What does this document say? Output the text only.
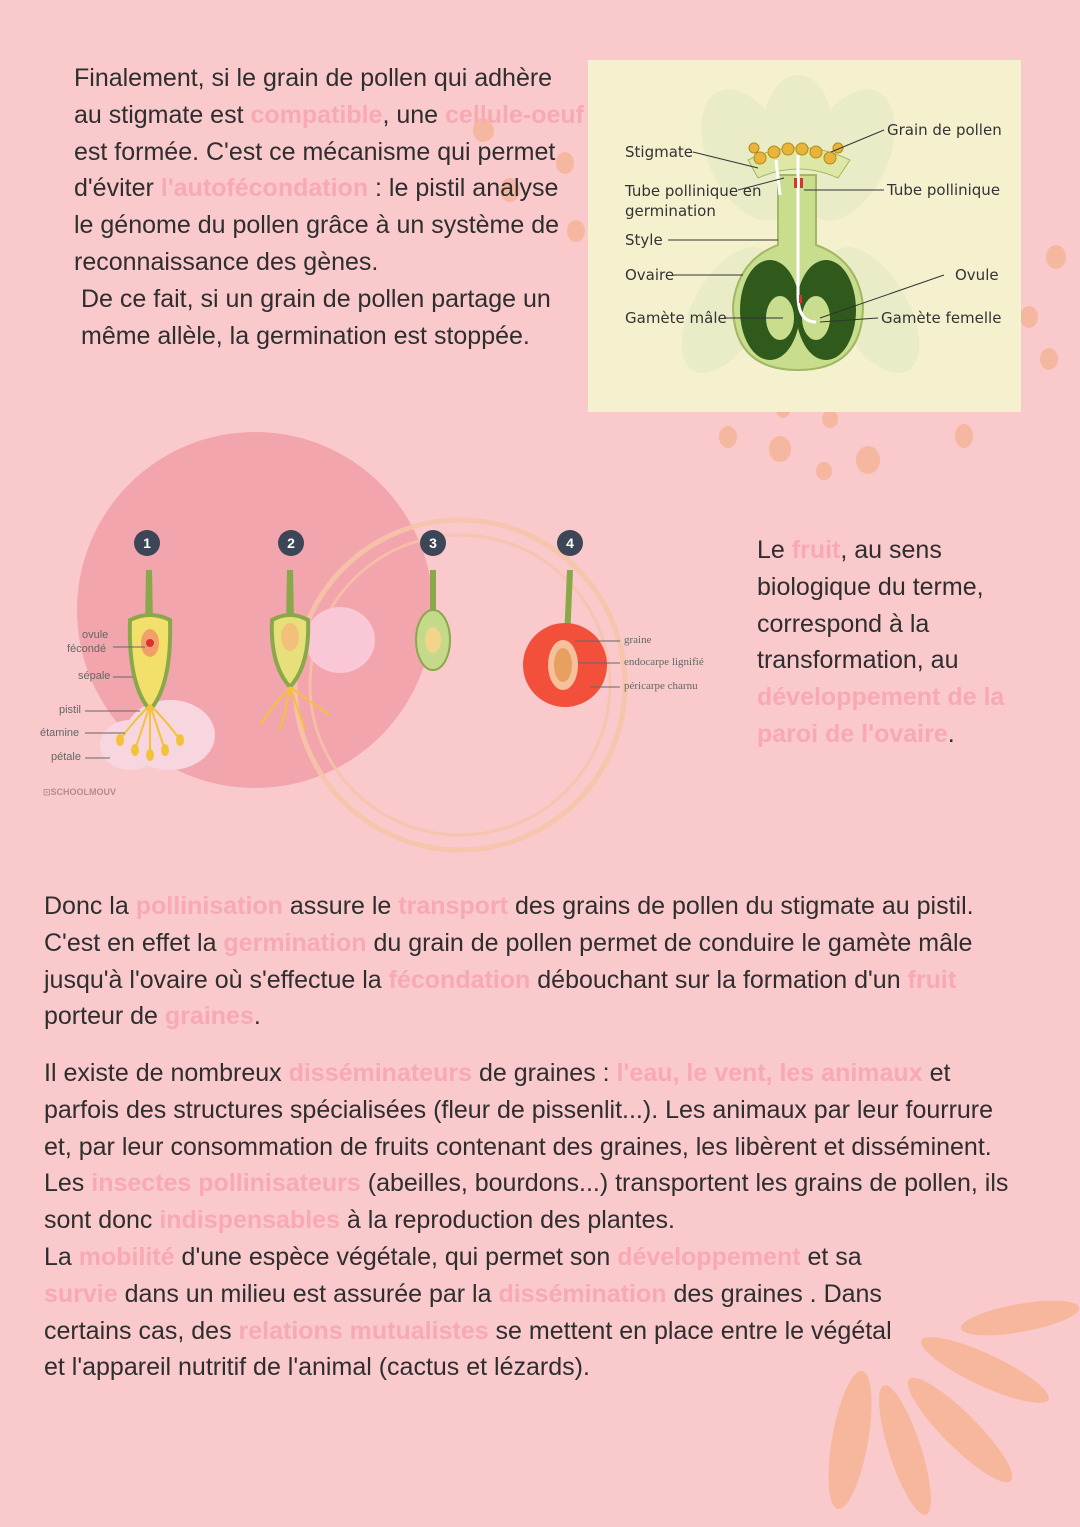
Finalement, si le grain de pollen qui adhère au stigmate est compatible, une cellule-oeuf est formée. C'est ce mécanisme qui permet d'éviter l'autofécondation : le pistil analyse le génome du pollen grâce à un système de reconnaissance des gènes.

De ce fait, si un grain de pollen partage un même allèle, la germination est stoppée.

Stigmate
Tube pollinique en germination
Style
Ovaire
Gamète mâle
Grain de pollen
Tube pollinique
Ovule
Gamète femelle
1	2	3	4
ovule
fécondé
sépale
pistil
étamine
pétale
graine
endocarpe lignifié
péricarpe charnu
⊡SCHOOLMOUV

Le fruit, au sens biologique du terme, correspond à la transformation, au développement de la paroi de l'ovaire.

Donc la pollinisation assure le transport des grains de pollen du stigmate au pistil. C'est en effet la germination du grain de pollen permet de conduire le gamète mâle jusqu'à l'ovaire où s'effectue la fécondation débouchant sur la formation d'un fruit porteur de graines.

Il existe de nombreux disséminateurs de graines : l'eau, le vent, les animaux et parfois des structures spécialisées (fleur de pissenlit...). Les animaux par leur fourrure et, par leur consommation de fruits contenant des graines, les libèrent et disséminent. Les insectes pollinisateurs (abeilles, bourdons...) transportent les grains de pollen, ils sont donc indispensables à la reproduction des plantes.

La mobilité d'une espèce végétale, qui permet son développement et sa survie dans un milieu est assurée par la dissémination des graines . Dans certains cas, des relations mutualistes se mettent en place entre le végétal et l'appareil nutritif de l'animal (cactus et lézards).
